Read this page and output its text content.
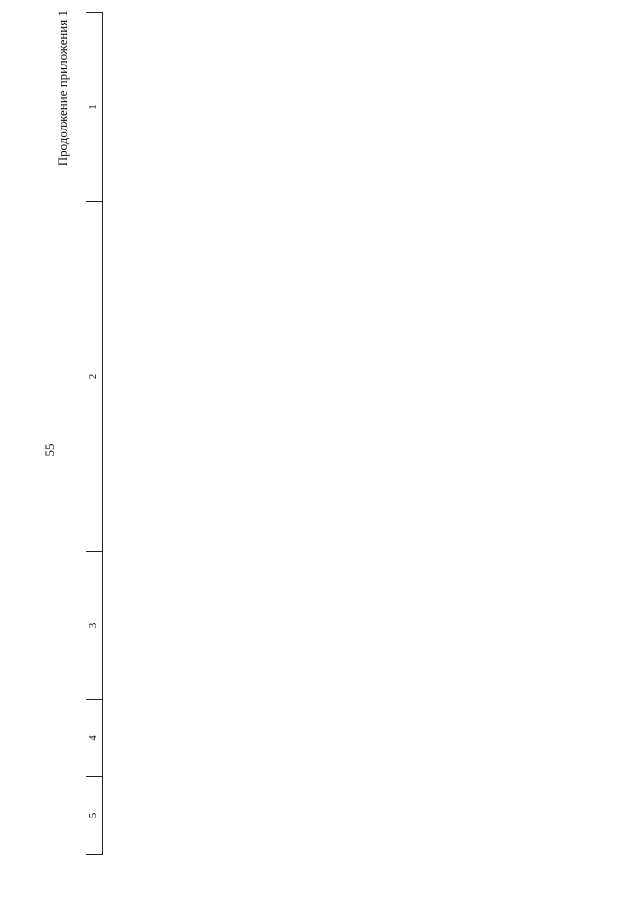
55
Продолжение приложения 1
5	4	3	2	1
